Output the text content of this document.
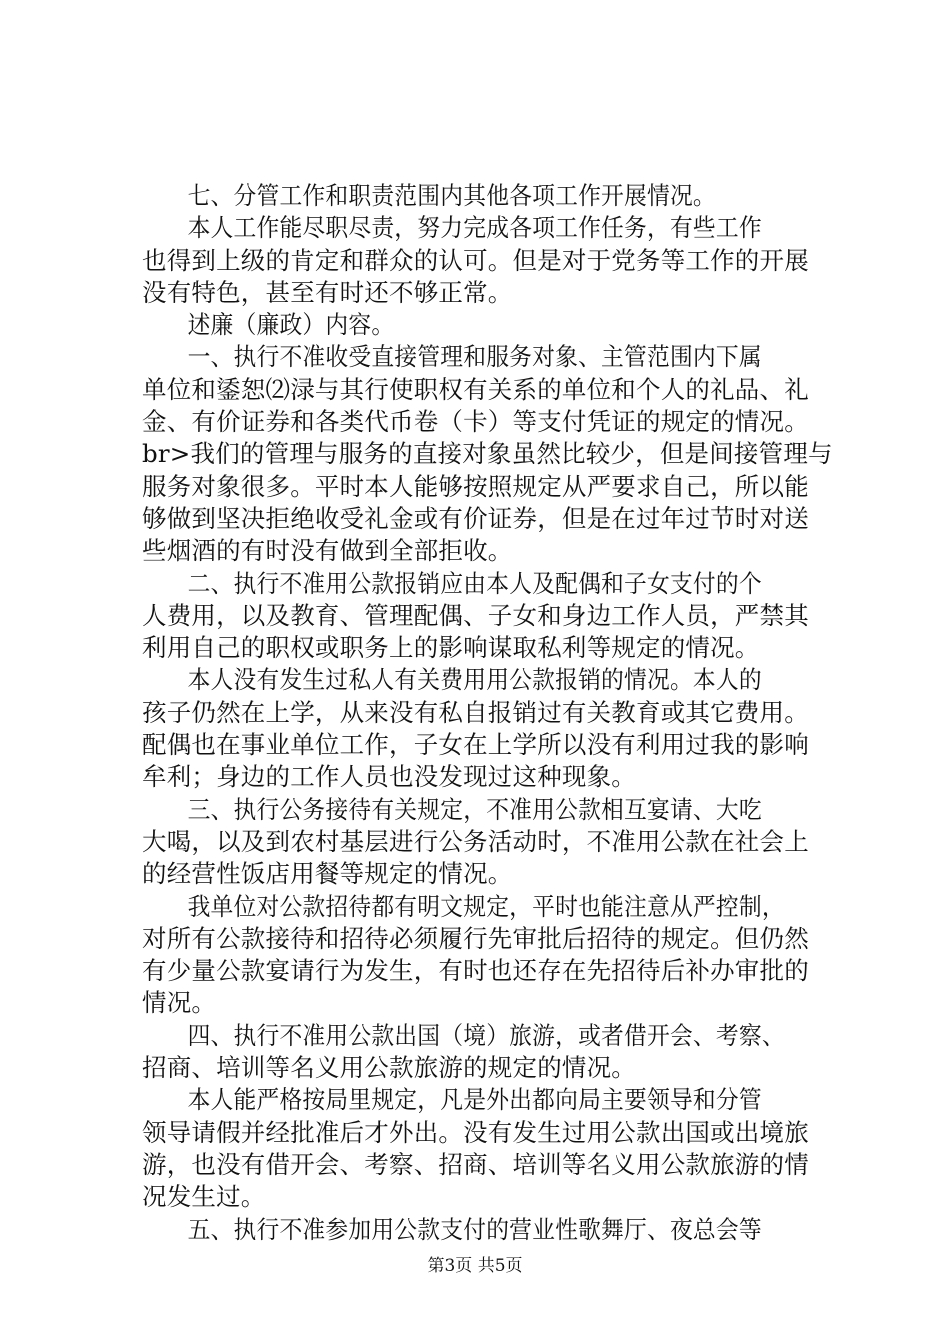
七、分管工作和职责范围内其他各项工作开展情况。
本人工作能尽职尽责，努力完成各项工作任务，有些工作
也得到上级的肯定和群众的认可。但是对于党务等工作的开展
没有特色，甚至有时还不够正常。
述廉（廉政）内容。
一、执行不准收受直接管理和服务对象、主管范围内下属
单位和鋈恕⑵渌与其行使职权有关系的单位和个人的礼品、礼
金、有价证券和各类代币卷（卡）等支付凭证的规定的情况。
br>我们的管理与服务的直接对象虽然比较少，但是间接管理与
服务对象很多。平时本人能够按照规定从严要求自己，所以能
够做到坚决拒绝收受礼金或有价证券，但是在过年过节时对送
些烟酒的有时没有做到全部拒收。
二、执行不准用公款报销应由本人及配偶和子女支付的个
人费用，以及教育、管理配偶、子女和身边工作人员，严禁其
利用自己的职权或职务上的影响谋取私利等规定的情况。
本人没有发生过私人有关费用用公款报销的情况。本人的
孩子仍然在上学，从来没有私自报销过有关教育或其它费用。
配偶也在事业单位工作，子女在上学所以没有利用过我的影响
牟利；身边的工作人员也没发现过这种现象。
三、执行公务接待有关规定，不准用公款相互宴请、大吃
大喝，以及到农村基层进行公务活动时，不准用公款在社会上
的经营性饭店用餐等规定的情况。
我单位对公款招待都有明文规定，平时也能注意从严控制，
对所有公款接待和招待必须履行先审批后招待的规定。但仍然
有少量公款宴请行为发生，有时也还存在先招待后补办审批的
情况。
四、执行不准用公款出国（境）旅游，或者借开会、考察、
招商、培训等名义用公款旅游的规定的情况。
本人能严格按局里规定，凡是外出都向局主要领导和分管
领导请假并经批准后才外出。没有发生过用公款出国或出境旅
游，也没有借开会、考察、招商、培训等名义用公款旅游的情
况发生过。
五、执行不准参加用公款支付的营业性歌舞厅、夜总会等
第3页 共5页
